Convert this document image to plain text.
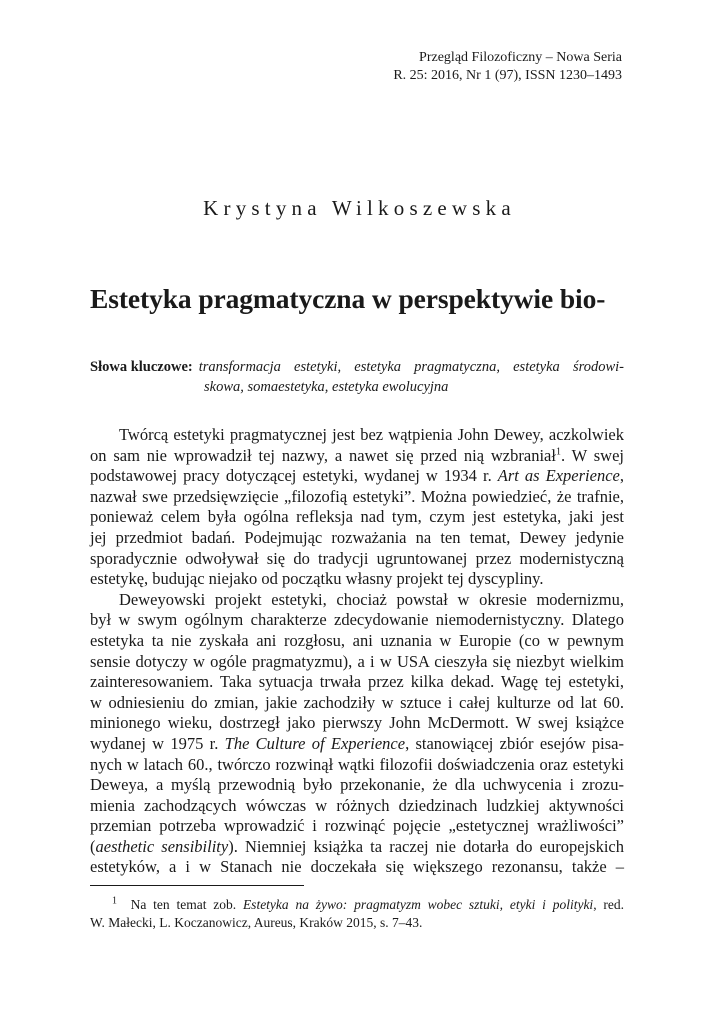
Przegląd Filozoficzny – Nowa Seria
R. 25: 2016, Nr 1 (97), ISSN 1230–1493
Krystyna Wilkoszewska
Estetyka pragmatyczna w perspektywie bio-
Słowa kluczowe: transformacja estetyki, estetyka pragmatyczna, estetyka środowi-
skowa, somaestetyka, estetyka ewolucyjna
Twórcą estetyki pragmatycznej jest bez wątpienia John Dewey, aczkolwiek
on sam nie wprowadził tej nazwy, a nawet się przed nią wzbraniał$^1$. W swej
podstawowej pracy dotyczącej estetyki, wydanej w 1934 r. Art as Experience,
nazwał swe przedsięwzięcie „filozofią estetyki”. Można powiedzieć, że trafnie,
ponieważ celem była ogólna refleksja nad tym, czym jest estetyka, jaki jest
jej przedmiot badań. Podejmując rozważania na ten temat, Dewey jedynie
sporadycznie odwoływał się do tradycji ugruntowanej przez modernistyczną
estetykę, budując niejako od początku własny projekt tej dyscypliny.
Deweyowski projekt estetyki, chociaż powstał w okresie modernizmu,
był w swym ogólnym charakterze zdecydowanie niemodernistyczny. Dlatego
estetyka ta nie zyskała ani rozgłosu, ani uznania w Europie (co w pewnym
sensie dotyczy w ogóle pragmatyzmu), a i w USA cieszyła się niezbyt wielkim
zainteresowaniem. Taka sytuacja trwała przez kilka dekad. Wagę tej estetyki,
w odniesieniu do zmian, jakie zachodziły w sztuce i całej kulturze od lat 60.
minionego wieku, dostrzegł jako pierwszy John McDermott. W swej książce
wydanej w 1975 r. The Culture of Experience, stanowiącej zbiór esejów pisa-
nych w latach 60., twórczo rozwinął wątki filozofii doświadczenia oraz estetyki
Deweya, a myślą przewodnią było przekonanie, że dla uchwycenia i zrozu-
mienia zachodzących wówczas w różnych dziedzinach ludzkiej aktywności
przemian potrzeba wprowadzić i rozwinąć pojęcie „estetycznej wrażliwości”
(aesthetic sensibility). Niemniej książka ta raczej nie dotarła do europejskich
estetyków, a i w Stanach nie doczekała się większego rezonansu, także –
$^1$ Na ten temat zob. Estetyka na żywo: pragmatyzm wobec sztuki, etyki i polityki, red.
W. Małecki, L. Koczanowicz, Aureus, Kraków 2015, s. 7–43.
